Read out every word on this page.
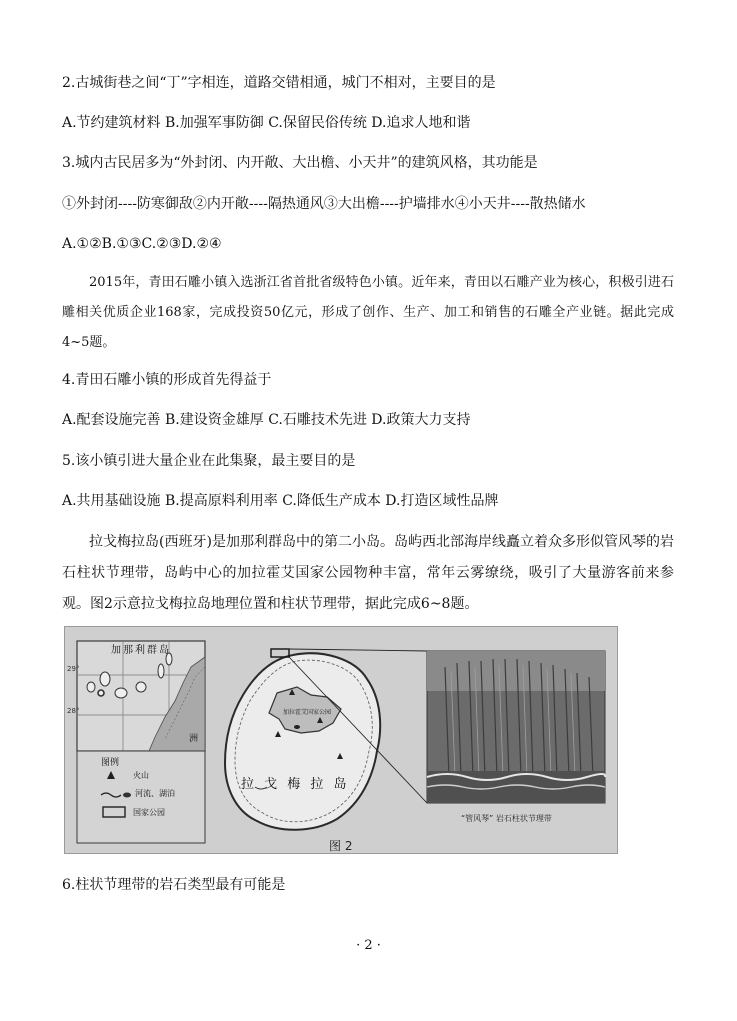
2.古城街巷之间“丁”字相连，道路交错相通，城门不相对，主要目的是
A.节约建筑材料 B.加强军事防御 C.保留民俗传统 D.追求人地和谐
3.城内古民居多为“外封闭、内开敞、大出檐、小天井”的建筑风格，其功能是
①外封闭----防寒御敌②内开敞----隔热通风③大出檐----护墙排水④小天井----散热储水
A.①②B.①③C.②③D.②④
2015年，青田石雕小镇入选浙江省首批省级特色小镇。近年来，青田以石雕产业为核心，积极引进石雕相关优质企业168家，完成投资50亿元，形成了创作、生产、加工和销售的石雕全产业链。据此完成4~5题。
4.青田石雕小镇的形成首先得益于
A.配套设施完善 B.建设资金雄厚 C.石雕技术先进 D.政策大力支持
5.该小镇引进大量企业在此集聚，最主要目的是
A.共用基础设施 B.提高原料利用率 C.降低生产成本 D.打造区域性品牌
拉戈梅拉岛(西班牙)是加那利群岛中的第二小岛。岛屿西北部海岸线矗立着众多形似管风琴的岩石柱状节理带，岛屿中心的加拉霍艾国家公园物种丰富，常年云雾缭绕，吸引了大量游客前来参观。图2示意拉戈梅拉岛地理位置和柱状节理带，据此完成6~8题。
加那利群岛
29°
28°
洲
图例
火山
河流、湖泊
国家公园
加拉霍艾国家公园
拉 戈 梅 拉 岛
“管风琴” 岩石柱状节理带
图 2
6.柱状节理带的岩石类型最有可能是
· 2 ·
